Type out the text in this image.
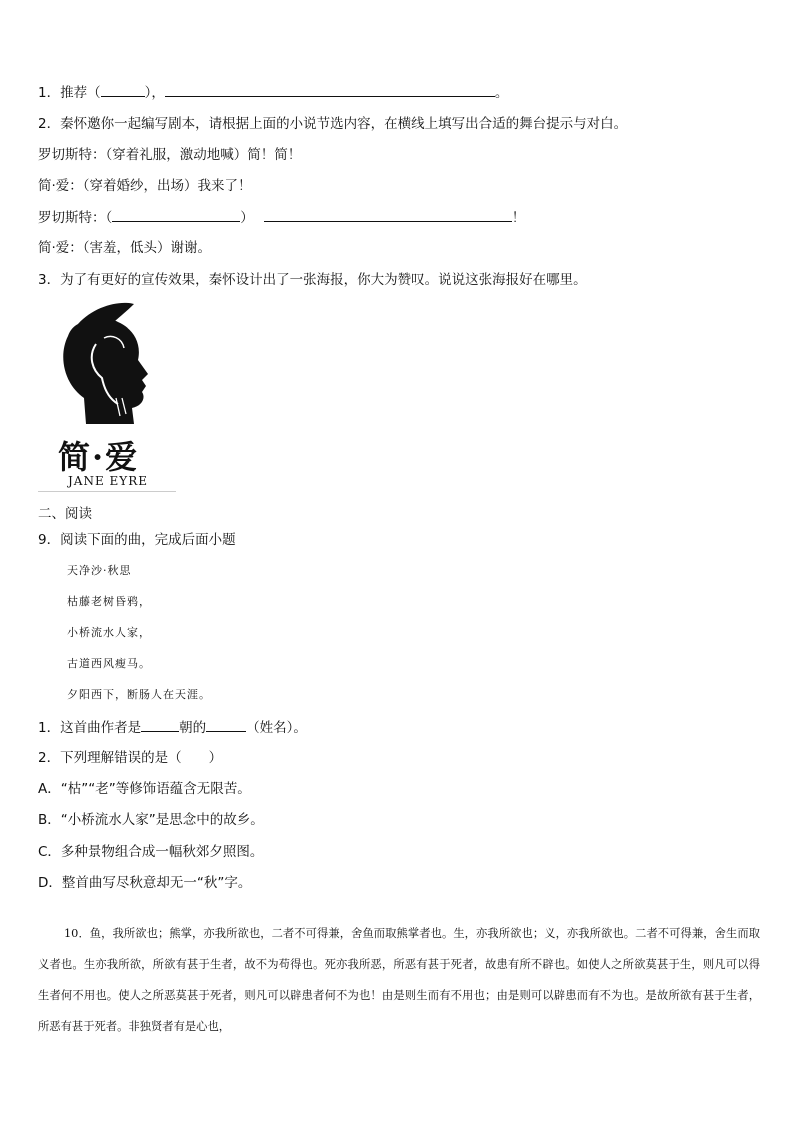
1．推荐（	），	。
2．秦怀邀你一起编写剧本，请根据上面的小说节选内容，在横线上填写出合适的舞台提示与对白。
罗切斯特：（穿着礼服，激动地喊）简！简！
简·爱：（穿着婚纱，出场）我来了！
罗切斯特：（	）	！
简·爱：（害羞，低头）谢谢。
3．为了有更好的宣传效果，秦怀设计出了一张海报，你大为赞叹。说说这张海报好在哪里。
简·爱
JANE EYRE
二、阅读
9．阅读下面的曲，完成后面小题
天净沙·秋思
枯藤老树昏鸦，
小桥流水人家，
古道西风瘦马。
夕阳西下，断肠人在天涯。
1．这首曲作者是	朝的	（姓名）。
2．下列理解错误的是（　　）
A．“枯”“老”等修饰语蕴含无限苦。
B．“小桥流水人家”是思念中的故乡。
C．多种景物组合成一幅秋郊夕照图。
D．整首曲写尽秋意却无一“秋”字。
10．鱼，我所欲也；熊掌，亦我所欲也，二者不可得兼，舍鱼而取熊掌者也。生，亦我所欲也；义，亦我所欲也。二者不可得兼，舍生而取义者也。生亦我所欲，所欲有甚于生者，故不为苟得也。死亦我所恶，所恶有甚于死者，故患有所不辟也。如使人之所欲莫甚于生，则凡可以得生者何不用也。使人之所恶莫甚于死者，则凡可以辟患者何不为也！由是则生而有不用也；由是则可以辟患而有不为也。是故所欲有甚于生者，所恶有甚于死者。非独贤者有是心也，
